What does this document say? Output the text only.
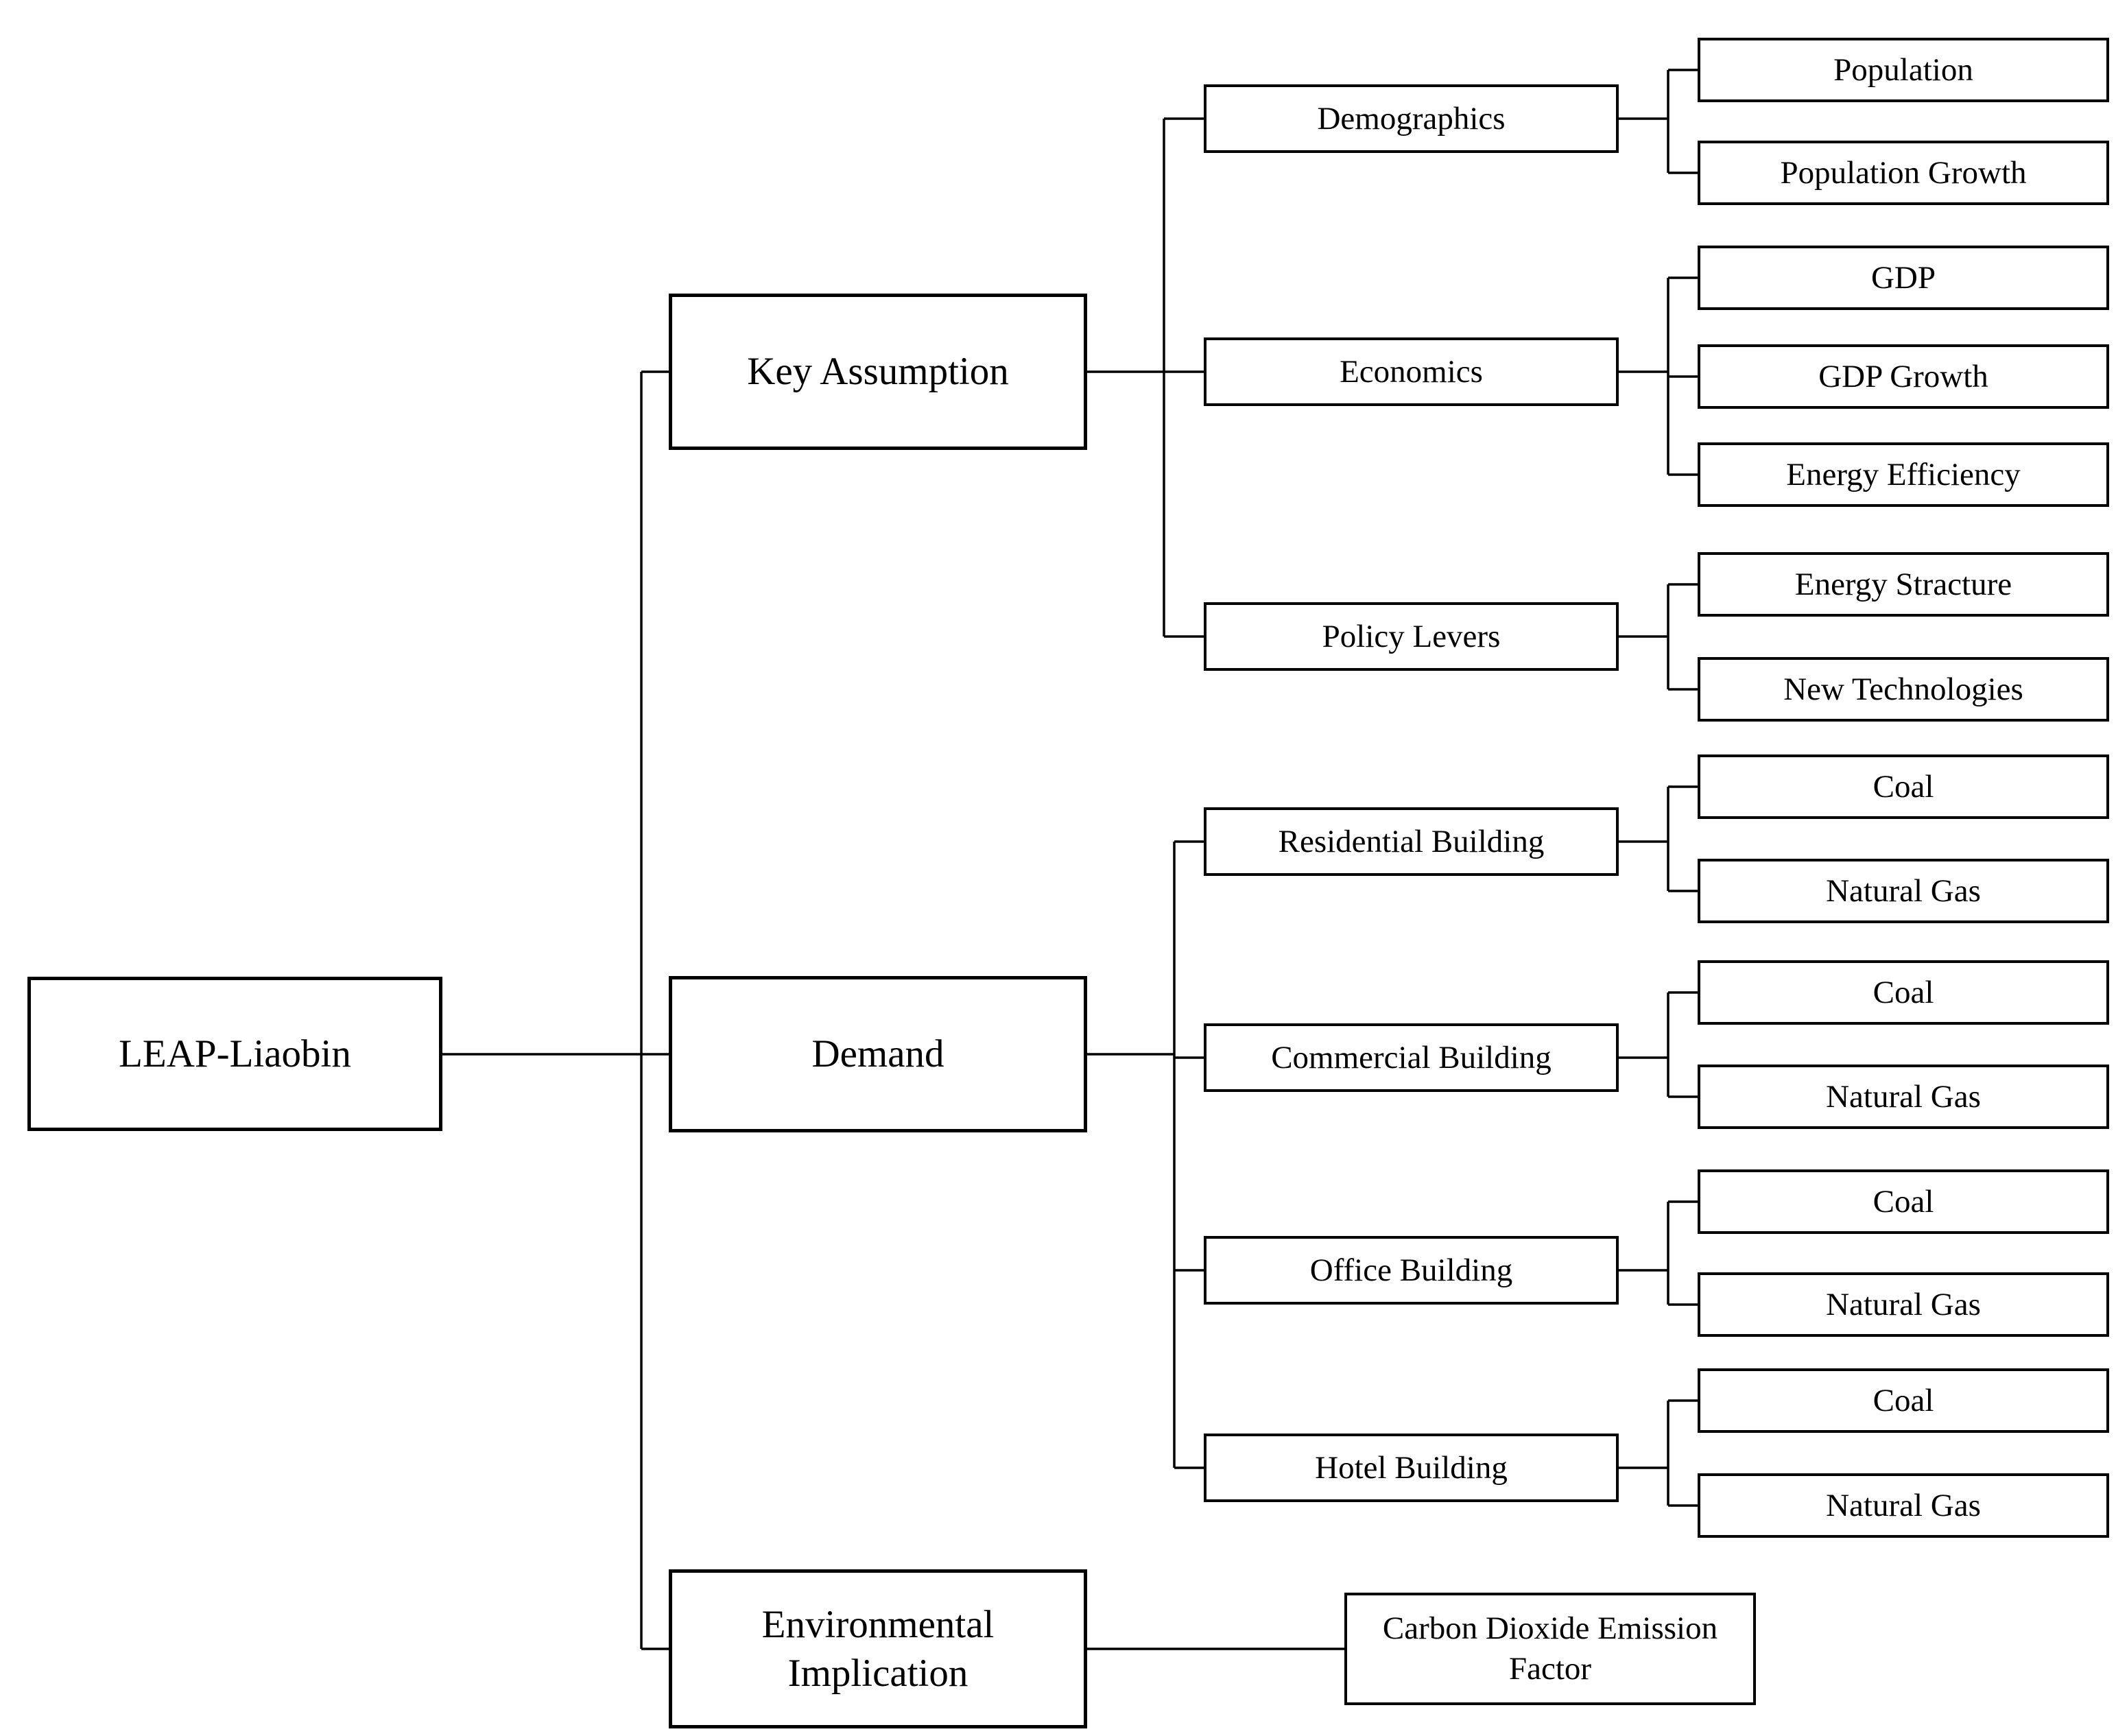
LEAP-Liaobin
Key Assumption
Demand
Environmental Implication
Demographics
Economics
Policy Levers
Residential Building
Commercial Building
Office Building
Hotel Building
Carbon Dioxide Emission Factor
Population
Population Growth
GDP
GDP Growth
Energy Efficiency
Energy Stracture
New Technologies
Coal
Natural Gas
Coal
Natural Gas
Coal
Natural Gas
Coal
Natural Gas
